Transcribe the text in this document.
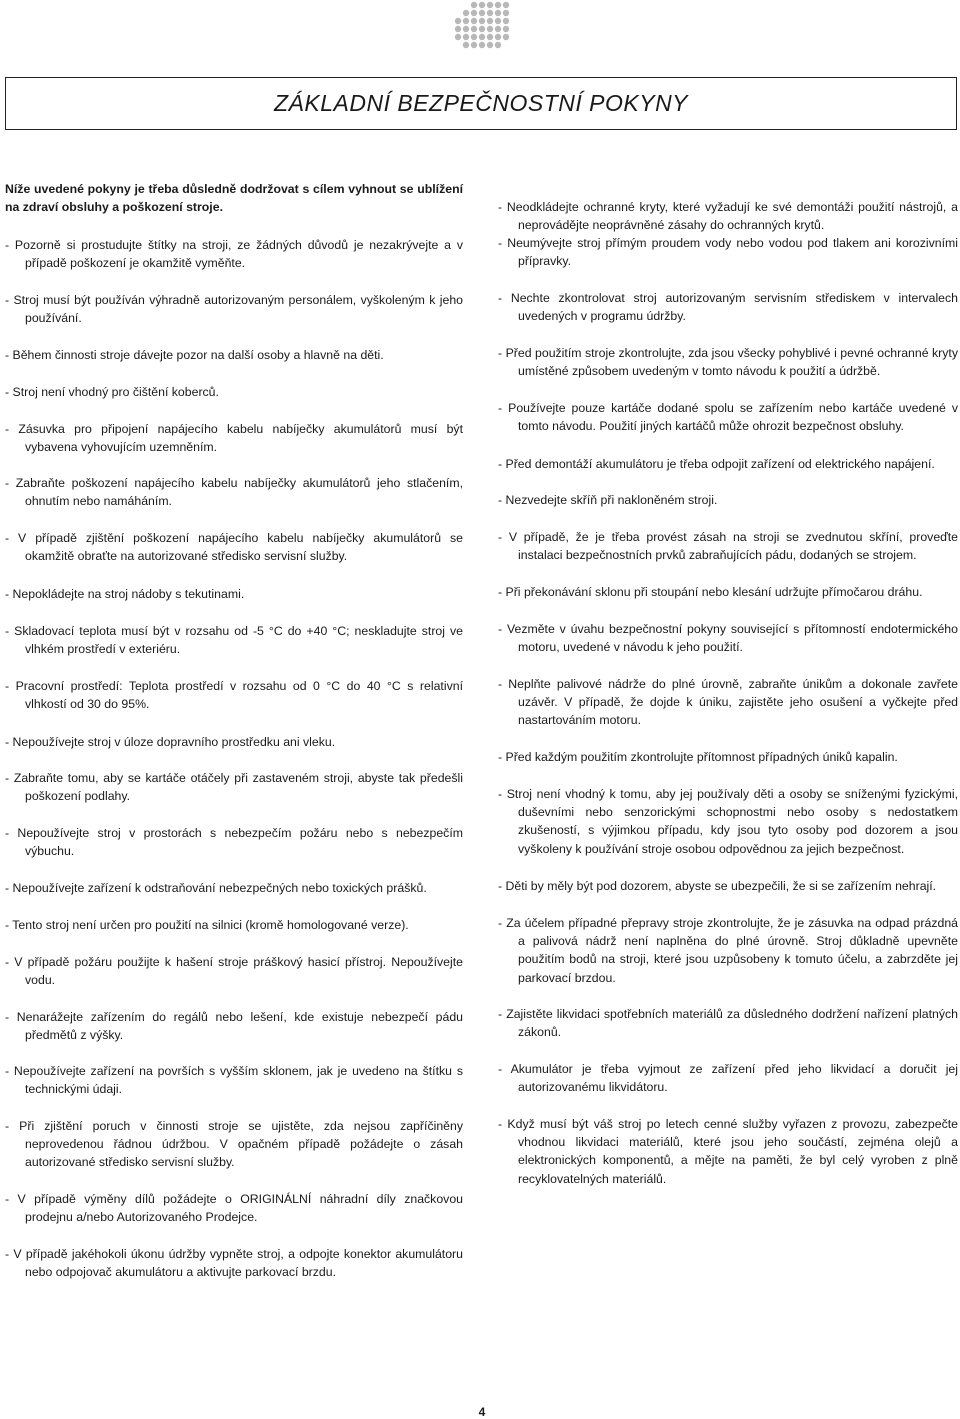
ZÁKLADNÍ BEZPEČNOSTNÍ POKYNY
Níže uvedené pokyny je třeba důsledně dodržovat s cílem vyhnout se ublížení na zdraví obsluhy a poškození stroje.
- Pozorně si prostudujte štítky na stroji, ze žádných důvodů je nezakrývejte a v případě poškození je okamžitě vyměňte.
- Stroj musí být používán výhradně autorizovaným personálem, vyškoleným k jeho používání.
- Během činnosti stroje dávejte pozor na další osoby a hlavně na děti.
- Stroj není vhodný pro čištění koberců.
- Zásuvka pro připojení napájecího kabelu nabíječky akumulátorů musí být vybavena vyhovujícím uzemněním.
- Zabraňte poškození napájecího kabelu nabíječky akumulátorů jeho stlačením, ohnutím nebo namáháním.
- V případě zjištění poškození napájecího kabelu nabíječky akumulátorů se okamžitě obraťte na autorizované středisko servisní služby.
- Nepokládejte na stroj nádoby s tekutinami.
- Skladovací teplota musí být v rozsahu od -5 °C do +40 °C; neskladujte stroj ve vlhkém prostředí v exteriéru.
- Pracovní prostředí: Teplota prostředí v rozsahu od 0 °C do 40 °C s relativní vlhkostí od 30 do 95%.
- Nepoužívejte stroj v úloze dopravního prostředku ani vleku.
- Zabraňte tomu, aby se kartáče otáčely při zastaveném stroji, abyste tak předešli poškození podlahy.
- Nepoužívejte stroj v prostorách s nebezpečím požáru nebo s nebezpečím výbuchu.
- Nepoužívejte zařízení k odstraňování nebezpečných nebo toxických prášků.
- Tento stroj není určen pro použití na silnici (kromě homologované verze).
- V případě požáru použijte k hašení stroje práškový hasicí přístroj. Nepoužívejte vodu.
- Nenarážejte zařízením do regálů nebo lešení, kde existuje nebezpečí pádu předmětů z výšky.
- Nepoužívejte zařízení na površích s vyšším sklonem, jak je uvedeno na štítku s technickými údaji.
- Při zjištění poruch v činnosti stroje se ujistěte, zda nejsou zapříčiněny neprovedenou řádnou údržbou. V opačném případě požádejte o zásah autorizované středisko servisní služby.
- V případě výměny dílů požádejte o ORIGINÁLNÍ náhradní díly značkovou prodejnu a/nebo Autorizovaného Prodejce.
- V případě jakéhokoli úkonu údržby vypněte stroj, a odpojte konektor akumulátoru nebo odpojovač akumulátoru a aktivujte parkovací brzdu.
- Neodkládejte ochranné kryty, které vyžadují ke své demontáži použití nástrojů, a neprovádějte neoprávněné zásahy do ochranných krytů.
- Neumývejte stroj přímým proudem vody nebo vodou pod tlakem ani korozivními přípravky.
- Nechte zkontrolovat stroj autorizovaným servisním střediskem v intervalech uvedených v programu údržby.
- Před použitím stroje zkontrolujte, zda jsou všecky pohyblivé i pevné ochranné kryty umístěné způsobem uvedeným v tomto návodu k použití a údržbě.
- Používejte pouze kartáče dodané spolu se zařízením nebo kartáče uvedené v tomto návodu. Použití jiných kartáčů může ohrozit bezpečnost obsluhy.
- Před demontáží akumulátoru je třeba odpojit zařízení od elektrického napájení.
- Nezvedejte skříň při nakloněném stroji.
- V případě, že je třeba provést zásah na stroji se zvednutou skříní, proveďte instalaci bezpečnostních prvků zabraňujících pádu, dodaných se strojem.
- Při překonávání sklonu při stoupání nebo klesání udržujte přímočarou dráhu.
- Vezměte v úvahu bezpečnostní pokyny související s přítomností endotermického motoru, uvedené v návodu k jeho použití.
- Neplňte palivové nádrže do plné úrovně, zabraňte únikům a dokonale zavřete uzávěr. V případě, že dojde k úniku, zajistěte jeho osušení a vyčkejte před nastartováním motoru.
- Před každým použitím zkontrolujte přítomnost případných úniků kapalin.
- Stroj není vhodný k tomu, aby jej používaly děti a osoby se sníženými fyzickými, duševními nebo senzorickými schopnostmi nebo osoby s nedostatkem zkušeností, s výjimkou případu, kdy jsou tyto osoby pod dozorem a jsou vyškoleny k používání stroje osobou odpovědnou za jejich bezpečnost.
- Děti by měly být pod dozorem, abyste se ubezpečili, že si se zařízením nehrají.
- Za účelem případné přepravy stroje zkontrolujte, že je zásuvka na odpad prázdná a palivová nádrž není naplněna do plné úrovně. Stroj důkladně upevněte použitím bodů na stroji, které jsou uzpůsobeny k tomuto účelu, a zabrzděte jej parkovací brzdou.
- Zajistěte likvidaci spotřebních materiálů za důsledného dodržení nařízení platných zákonů.
- Akumulátor je třeba vyjmout ze zařízení před jeho likvidací a doručit jej autorizovanému likvidátoru.
- Když musí být váš stroj po letech cenné služby vyřazen z provozu, zabezpečte vhodnou likvidaci materiálů, které jsou jeho součástí, zejména olejů a elektronických komponentů, a mějte na paměti, že byl celý vyroben z plně recyklovatelných materiálů.
4
